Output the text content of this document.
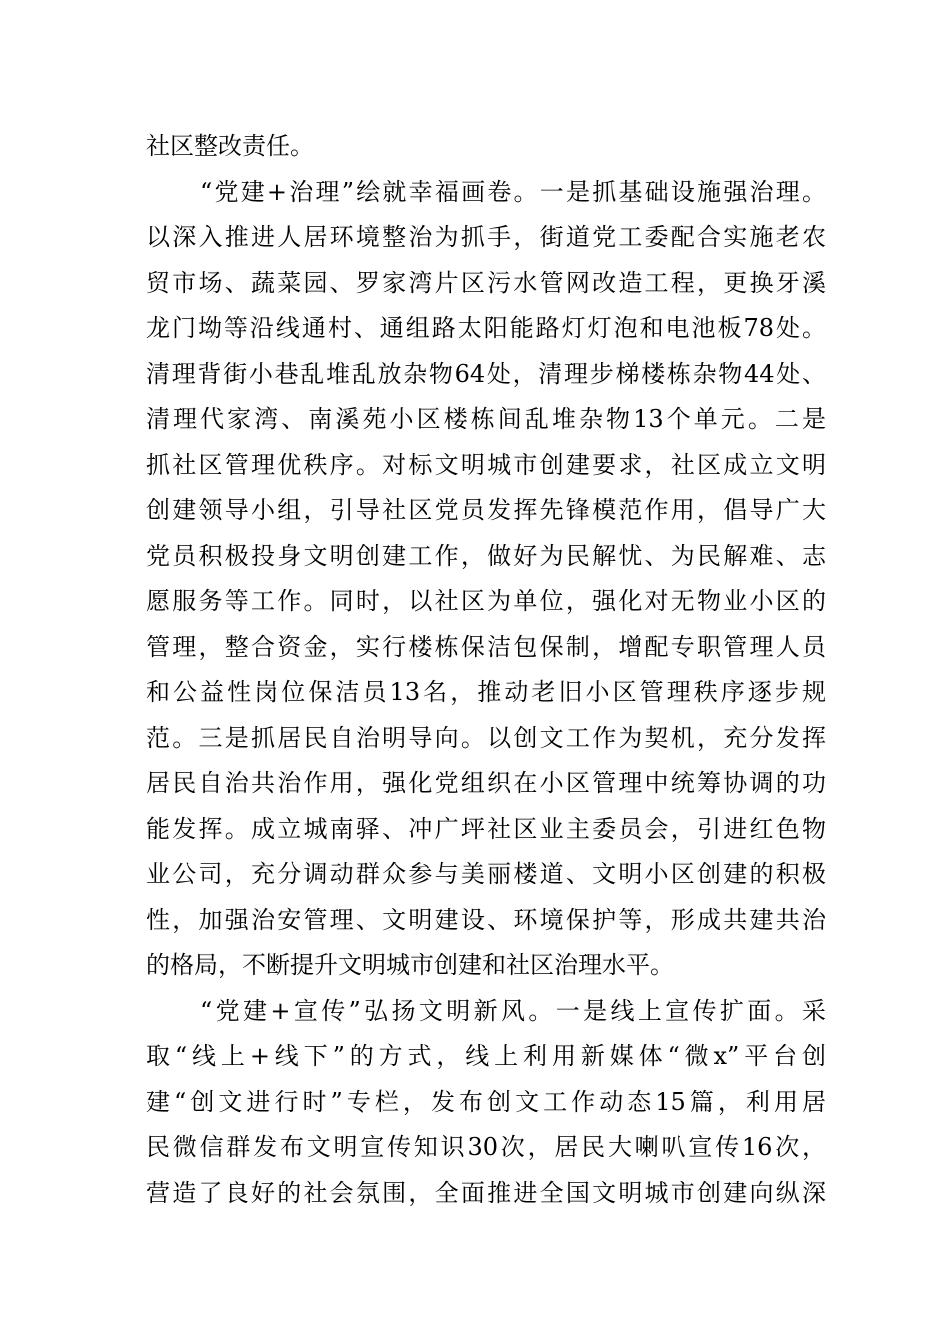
社区整改责任。
“党建+治理”绘就幸福画卷。一是抓基础设施强治理。
以深入推进人居环境整治为抓手，街道党工委配合实施老农
贸市场、蔬菜园、罗家湾片区污水管网改造工程，更换牙溪
龙门坳等沿线通村、通组路太阳能路灯灯泡和电池板78处。
清理背街小巷乱堆乱放杂物64处，清理步梯楼栋杂物44处、
清理代家湾、南溪苑小区楼栋间乱堆杂物13个单元。二是
抓社区管理优秩序。对标文明城市创建要求，社区成立文明
创建领导小组，引导社区党员发挥先锋模范作用，倡导广大
党员积极投身文明创建工作，做好为民解忧、为民解难、志
愿服务等工作。同时，以社区为单位，强化对无物业小区的
管理，整合资金，实行楼栋保洁包保制，增配专职管理人员
和公益性岗位保洁员13名，推动老旧小区管理秩序逐步规
范。三是抓居民自治明导向。以创文工作为契机，充分发挥
居民自治共治作用，强化党组织在小区管理中统筹协调的功
能发挥。成立城南驿、冲广坪社区业主委员会，引进红色物
业公司，充分调动群众参与美丽楼道、文明小区创建的积极
性，加强治安管理、文明建设、环境保护等，形成共建共治
的格局，不断提升文明城市创建和社区治理水平。
“党建+宣传”弘扬文明新风。一是线上宣传扩面。采
取“线上+线下”的方式，线上利用新媒体“微x”平台创
建“创文进行时”专栏，发布创文工作动态15篇，利用居
民微信群发布文明宣传知识30次，居民大喇叭宣传16次，
营造了良好的社会氛围，全面推进全国文明城市创建向纵深
